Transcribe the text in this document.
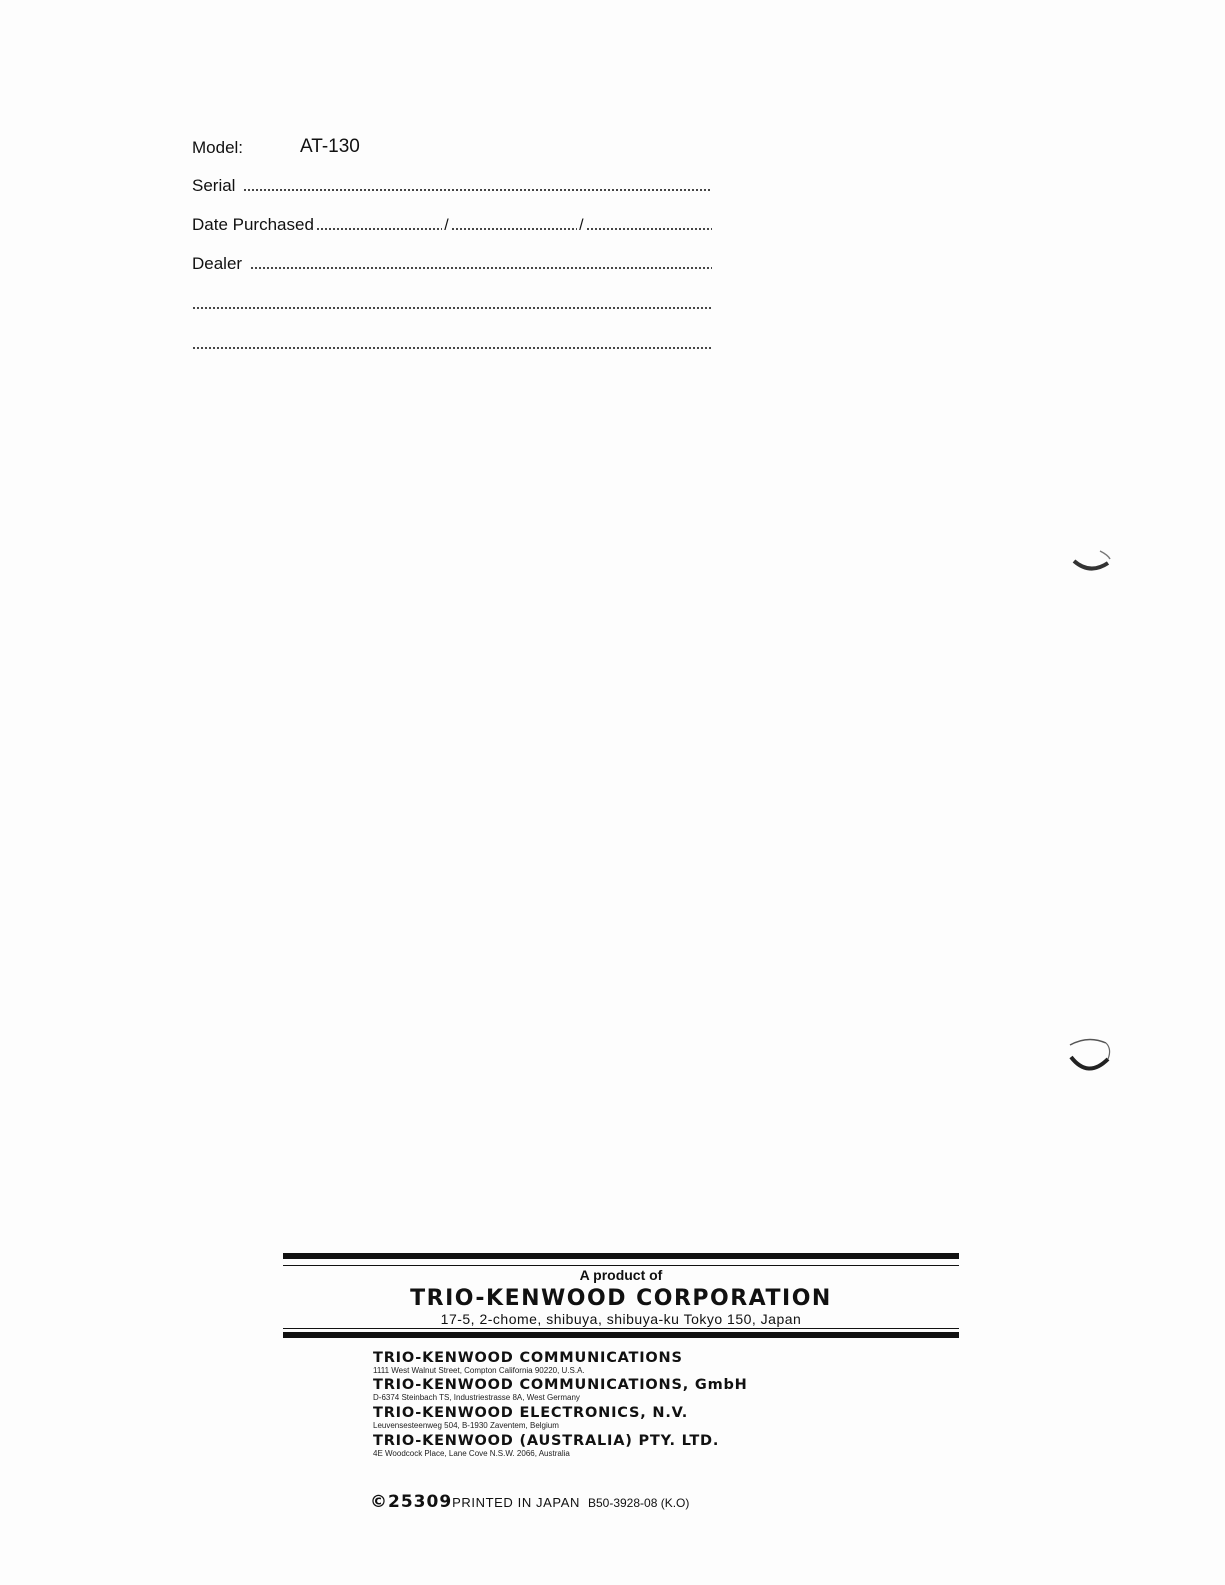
Model:	AT-130
Serial
Date Purchased	/	/
Dealer
A product of
TRIO-KENWOOD CORPORATION
17-5, 2-chome, shibuya, shibuya-ku Tokyo 150, Japan
TRIO-KENWOOD COMMUNICATIONS
1111 West Walnut Street, Compton California 90220, U.S.A.
TRIO-KENWOOD COMMUNICATIONS, GmbH
D-6374 Steinbach TS, Industriestrasse 8A, West Germany
TRIO-KENWOOD ELECTRONICS, N.V.
Leuvensesteenweg 504, B-1930 Zaventem, Belgium
TRIO-KENWOOD (AUSTRALIA) PTY. LTD.
4E Woodcock Place, Lane Cove N.S.W. 2066, Australia
©25309 PRINTED IN JAPAN B50-3928-08 (K.O)
